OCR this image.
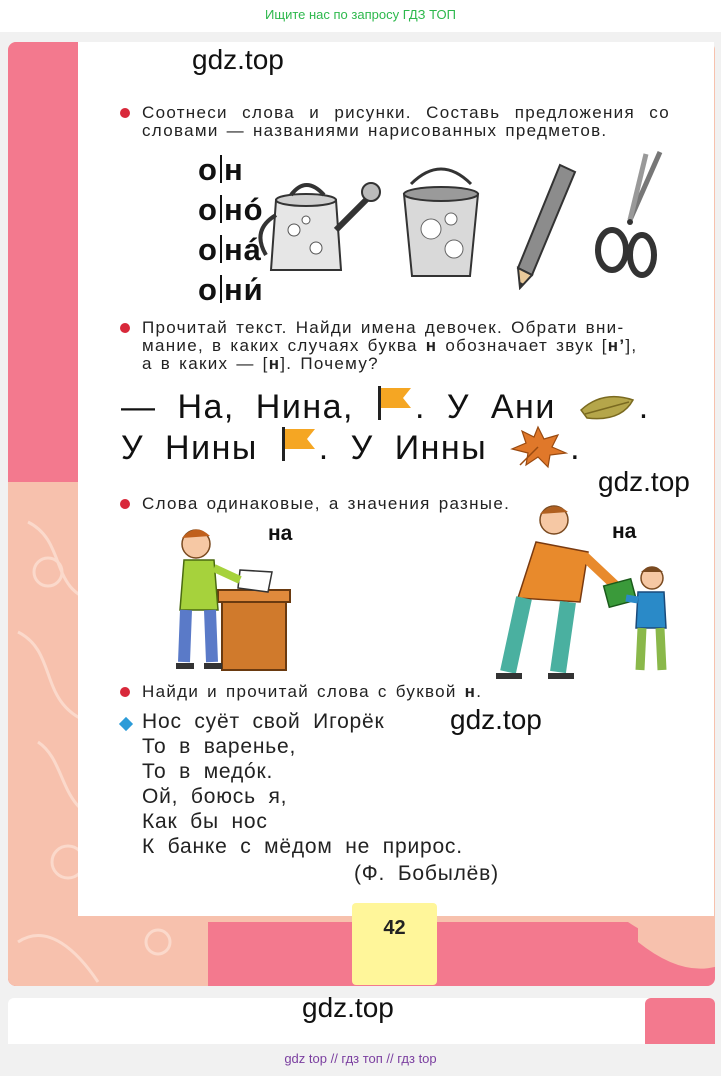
Ищите нас по запросу ГДЗ ТОП
gdz.top
Соотнеси слова и рисунки. Составь предложения со словами — названиями нарисованных предметов.
о н
о нó
о нá
о ни́
Прочитай текст. Найди имена девочек. Обрати вни-
мание, в каких случаях буква н обозначает звук [н’],
а в каких — [н]. Почему?
— На, Нина, . У Ани .
У Нины . У Инны .
gdz.top
Слова одинаковые, а значения разные.
на	на
Найди и прочитай слова с буквой н.
Нос суёт свой Игорёк
То в варенье,
То в медóк.
Ой, боюсь я,
Как бы нос
К банке с мёдом не прирос.
(Ф. Бобылёв)
gdz.top
42
gdz.top
gdz top // гдз топ // гдз top
